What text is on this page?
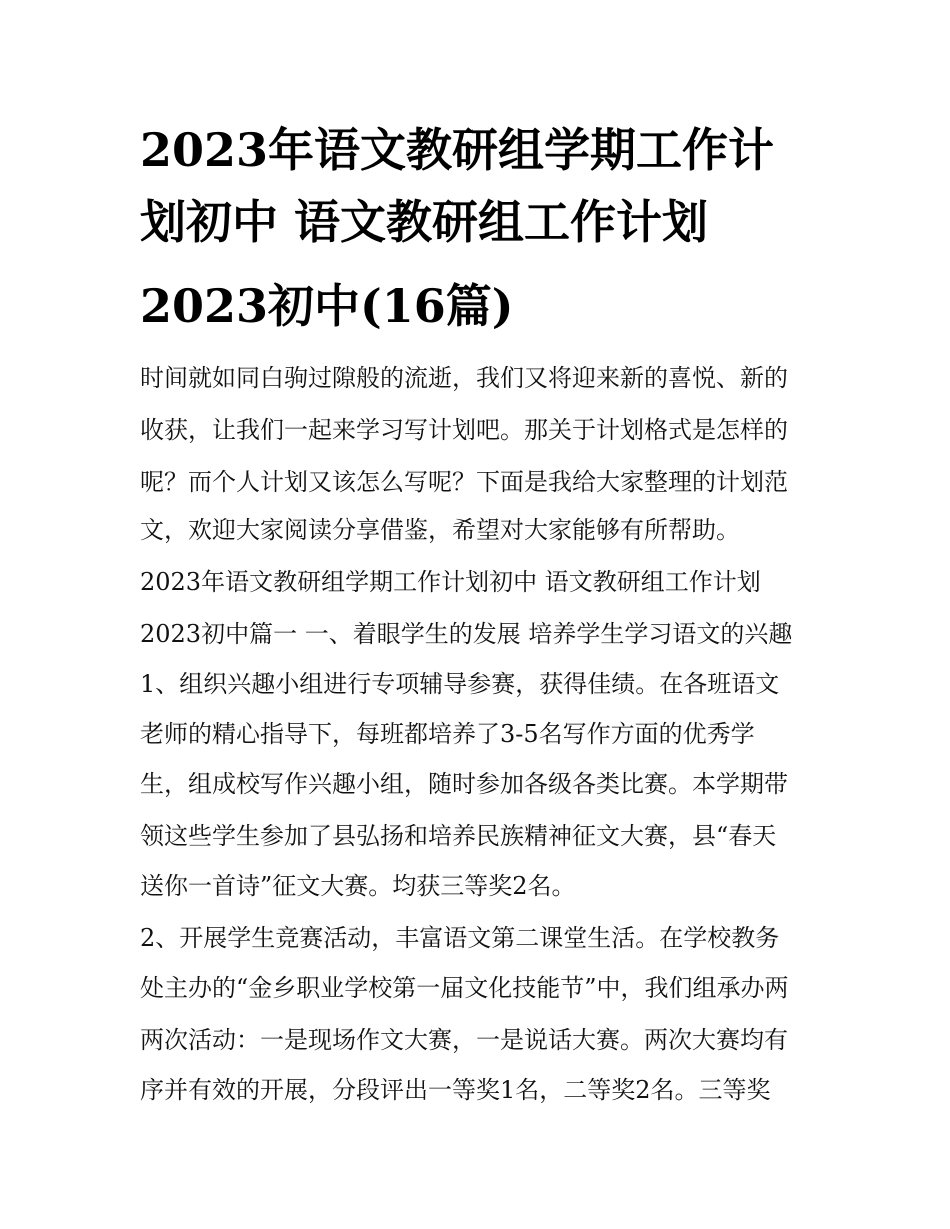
2023年语文教研组学期工作计
划初中 语文教研组工作计划
2023初中(16篇)
时间就如同白驹过隙般的流逝，我们又将迎来新的喜悦、新的
收获，让我们一起来学习写计划吧。那关于计划格式是怎样的
呢？而个人计划又该怎么写呢？下面是我给大家整理的计划范
文，欢迎大家阅读分享借鉴，希望对大家能够有所帮助。
2023年语文教研组学期工作计划初中 语文教研组工作计划
2023初中篇一 一、着眼学生的发展 培养学生学习语文的兴趣
1、组织兴趣小组进行专项辅导参赛，获得佳绩。在各班语文
老师的精心指导下，每班都培养了3-5名写作方面的优秀学
生，组成校写作兴趣小组，随时参加各级各类比赛。本学期带
领这些学生参加了县弘扬和培养民族精神征文大赛，县“春天
送你一首诗”征文大赛。均获三等奖2名。
2、开展学生竞赛活动，丰富语文第二课堂生活。在学校教务
处主办的“金乡职业学校第一届文化技能节”中，我们组承办两
两次活动：一是现场作文大赛，一是说话大赛。两次大赛均有
序并有效的开展，分段评出一等奖1名，二等奖2名。三等奖
